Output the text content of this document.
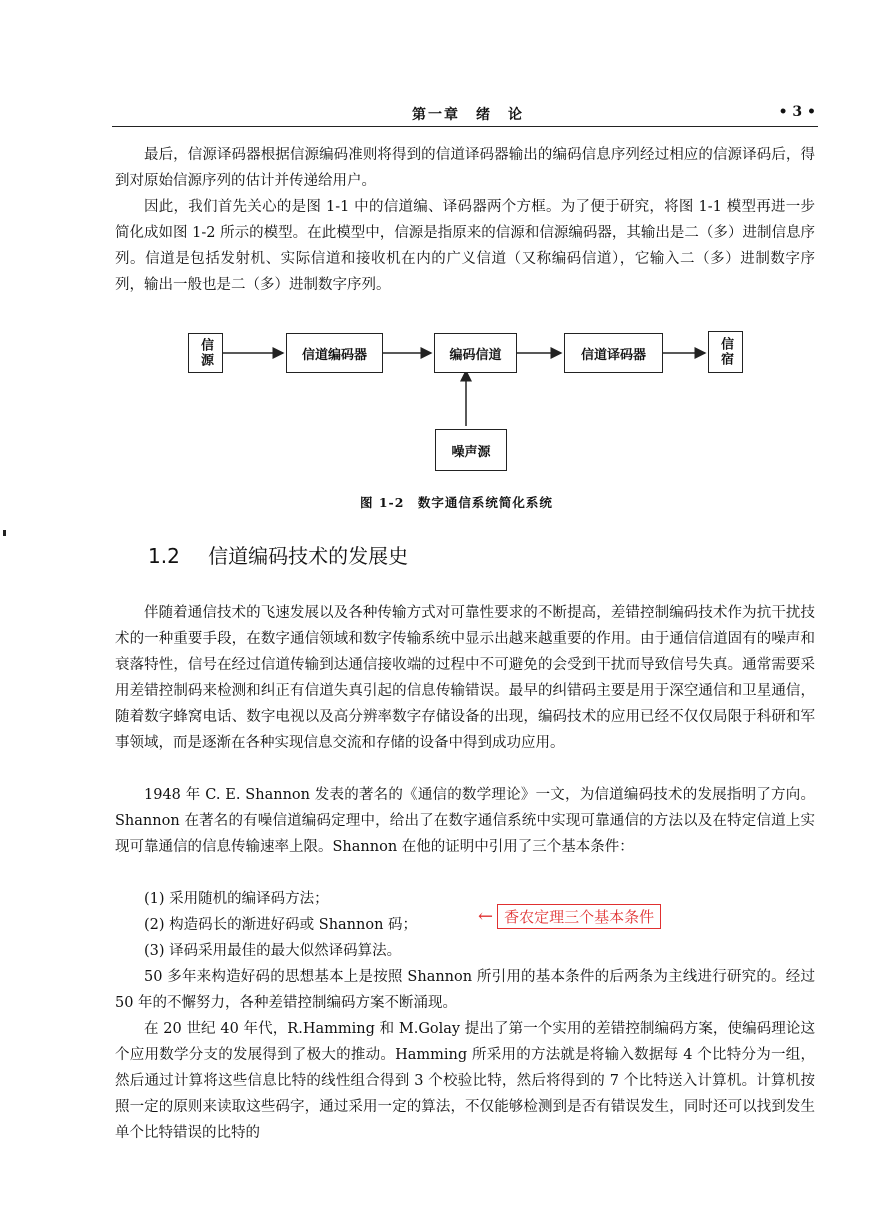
第一章　绪　论	• 3 •

最后，信源译码器根据信源编码准则将得到的信道译码器输出的编码信息序列经过相应的信源译码后，得到对原始信源序列的估计并传递给用户。

因此，我们首先关心的是图 1-1 中的信道编、译码器两个方框。为了便于研究，将图 1-1 模型再进一步简化成如图 1-2 所示的模型。在此模型中，信源是指原来的信源和信源编码器，其输出是二（多）进制信息序列。信道是包括发射机、实际信道和接收机在内的广义信道（又称编码信道），它输入二（多）进制数字序列，输出一般也是二（多）进制数字序列。

信源	信道编码器	编码信道	信道译码器	信宿
噪声源
图 1-2　数字通信系统简化系统
1.2 信道编码技术的发展史

伴随着通信技术的飞速发展以及各种传输方式对可靠性要求的不断提高，差错控制编码技术作为抗干扰技术的一种重要手段，在数字通信领域和数字传输系统中显示出越来越重要的作用。由于通信信道固有的噪声和衰落特性，信号在经过信道传输到达通信接收端的过程中不可避免的会受到干扰而导致信号失真。通常需要采用差错控制码来检测和纠正有信道失真引起的信息传输错误。最早的纠错码主要是用于深空通信和卫星通信，随着数字蜂窝电话、数字电视以及高分辨率数字存储设备的出现，编码技术的应用已经不仅仅局限于科研和军事领域，而是逐渐在各种实现信息交流和存储的设备中得到成功应用。

1948 年 C. E. Shannon 发表的著名的《通信的数学理论》一文，为信道编码技术的发展指明了方向。Shannon 在著名的有噪信道编码定理中，给出了在数字通信系统中实现可靠通信的方法以及在特定信道上实现可靠通信的信息传输速率上限。Shannon 在他的证明中引用了三个基本条件：

(1) 采用随机的编译码方法；

(2) 构造码长的渐进好码或 Shannon 码；

(3) 译码采用最佳的最大似然译码算法。

← 香农定理三个基本条件

50 多年来构造好码的思想基本上是按照 Shannon 所引用的基本条件的后两条为主线进行研究的。经过 50 年的不懈努力，各种差错控制编码方案不断涌现。

在 20 世纪 40 年代，R.Hamming 和 M.Golay 提出了第一个实用的差错控制编码方案，使编码理论这个应用数学分支的发展得到了极大的推动。Hamming 所采用的方法就是将输入数据每 4 个比特分为一组，然后通过计算将这些信息比特的线性组合得到 3 个校验比特，然后将得到的 7 个比特送入计算机。计算机按照一定的原则来读取这些码字，通过采用一定的算法，不仅能够检测到是否有错误发生，同时还可以找到发生单个比特错误的比特的
